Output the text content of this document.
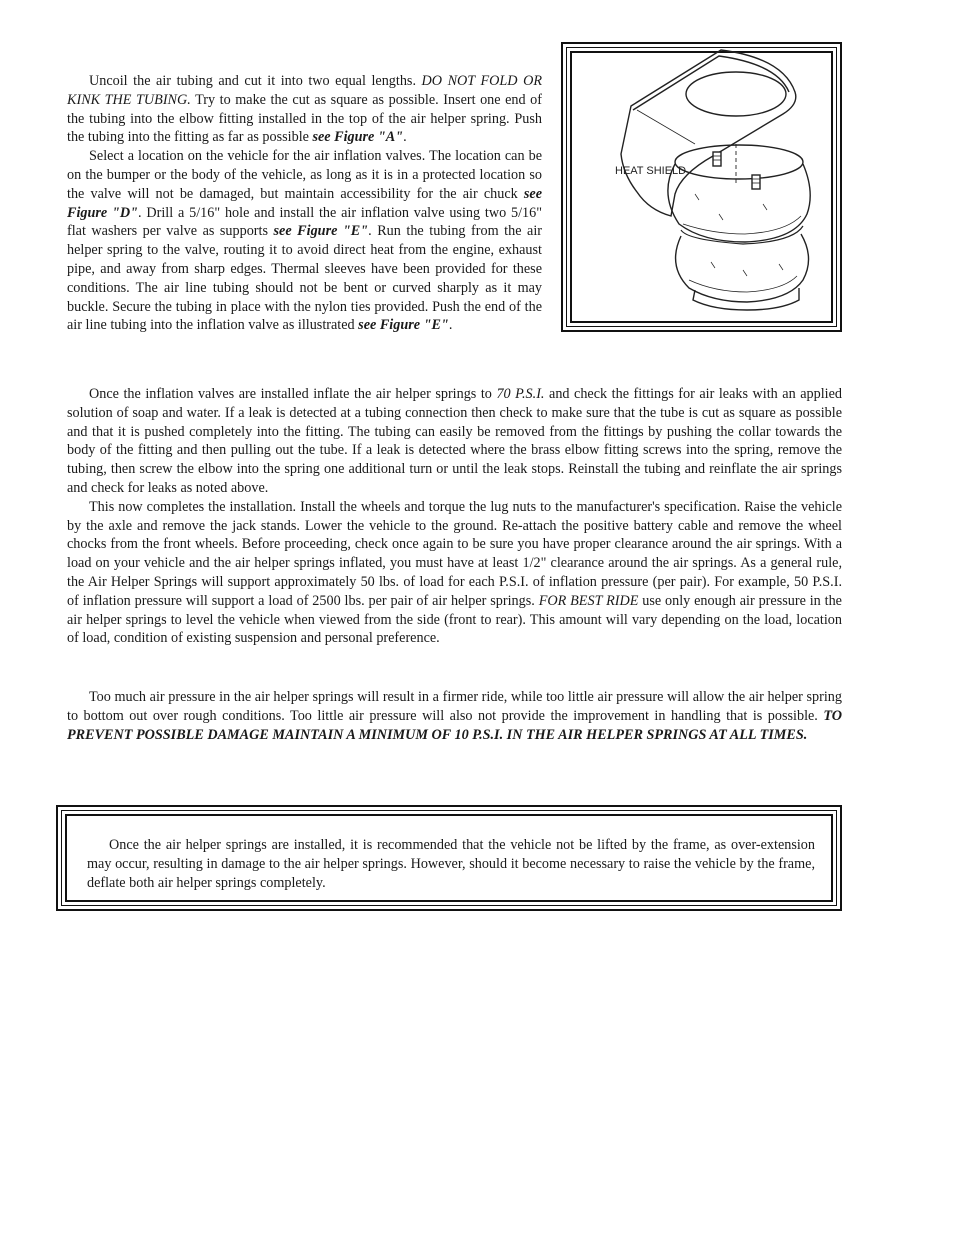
Uncoil the air tubing and cut it into two equal lengths. DO NOT FOLD OR KINK THE TUBING. Try to make the cut as square as possible. Insert one end of the tubing into the elbow fitting installed in the top of the air helper spring. Push the tubing into the fitting as far as possible see Figure "A".

Select a location on the vehicle for the air inflation valves. The location can be on the bumper or the body of the vehicle, as long as it is in a protected location so the valve will not be damaged, but maintain accessibility for the air chuck see Figure "D". Drill a 5/16" hole and install the air inflation valve using two 5/16" flat washers per valve as supports see Figure "E". Run the tubing from the air helper spring to the valve, routing it to avoid direct heat from the engine, exhaust pipe, and away from sharp edges. Thermal sleeves have been provided for these conditions. The air line tubing should not be bent or curved sharply as it may buckle. Secure the tubing in place with the nylon ties provided. Push the end of the air line tubing into the inflation valve as illustrated see Figure "E".

HEAT SHIELD

Once the inflation valves are installed inflate the air helper springs to 70 P.S.I. and check the fittings for air leaks with an applied solution of soap and water. If a leak is detected at a tubing connection then check to make sure that the tube is cut as square as possible and that it is pushed completely into the fitting. The tubing can easily be removed from the fittings by pushing the collar towards the body of the fitting and then pulling out the tube. If a leak is detected where the brass elbow fitting screws into the spring, remove the tubing, then screw the elbow into the spring one additional turn or until the leak stops. Reinstall the tubing and reinflate the air springs and check for leaks as noted above.

This now completes the installation. Install the wheels and torque the lug nuts to the manufacturer's specification. Raise the vehicle by the axle and remove the jack stands. Lower the vehicle to the ground. Re-attach the positive battery cable and remove the wheel chocks from the front wheels. Before proceeding, check once again to be sure you have proper clearance around the air springs. With a load on your vehicle and the air helper springs inflated, you must have at least 1/2" clearance around the air springs. As a general rule, the Air Helper Springs will support approximately 50 lbs. of load for each P.S.I. of inflation pressure (per pair). For example, 50 P.S.I. of inflation pressure will support a load of 2500 lbs. per pair of air helper springs. FOR BEST RIDE use only enough air pressure in the air helper springs to level the vehicle when viewed from the side (front to rear). This amount will vary depending on the load, location of load, condition of existing suspension and personal preference.

Too much air pressure in the air helper springs will result in a firmer ride, while too little air pressure will allow the air helper spring to bottom out over rough conditions. Too little air pressure will also not provide the improvement in handling that is possible. TO PREVENT POSSIBLE DAMAGE MAINTAIN A MINIMUM OF 10 P.S.I. IN THE AIR HELPER SPRINGS AT ALL TIMES.

Once the air helper springs are installed, it is recommended that the vehicle not be lifted by the frame, as over-extension may occur, resulting in damage to the air helper springs. However, should it become necessary to raise the vehicle by the frame, deflate both air helper springs completely.
